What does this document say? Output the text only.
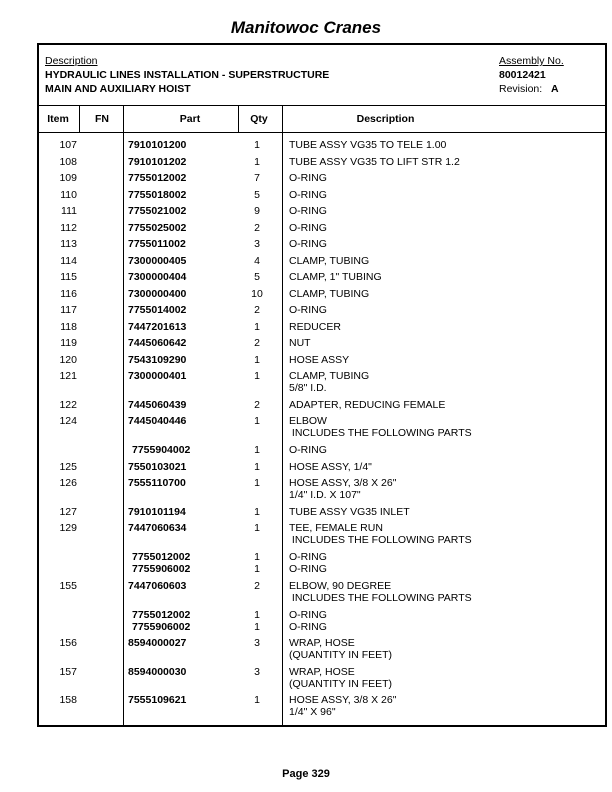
Manitowoc Cranes
Description
HYDRAULIC LINES INSTALLATION - SUPERSTRUCTURE
MAIN AND AUXILIARY HOIST
Assembly No.
80012421
Revision: A
Item	FN	Part	Qty	Description
107	7910101200	1	TUBE ASSY VG35 TO TELE 1.00
108	7910101202	1	TUBE ASSY VG35 TO LIFT STR 1.2
109	7755012002	7	O-RING
110	7755018002	5	O-RING
111	7755021002	9	O-RING
112	7755025002	2	O-RING
113	7755011002	3	O-RING
114	7300000405	4	CLAMP, TUBING
115	7300000404	5	CLAMP, 1" TUBING
116	7300000400	10	CLAMP, TUBING
117	7755014002	2	O-RING
118	7447201613	1	REDUCER
119	7445060642	2	NUT
120	7543109290	1	HOSE ASSY
121	7300000401	1	CLAMP, TUBING
5/8" I.D.
122	7445060439	2	ADAPTER, REDUCING FEMALE
124	7445040446	1	ELBOW
INCLUDES THE FOLLOWING PARTS
7755904002	1	O-RING
125	7550103021	1	HOSE ASSY, 1/4"
126	7555110700	1	HOSE ASSY, 3/8 X 26"
1/4" I.D. X 107"
127	7910101194	1	TUBE ASSY VG35 INLET
129	7447060634	1	TEE, FEMALE RUN
INCLUDES THE FOLLOWING PARTS
7755012002	1	O-RING
7755906002	1	O-RING
155	7447060603	2	ELBOW, 90 DEGREE
INCLUDES THE FOLLOWING PARTS
7755012002	1	O-RING
7755906002	1	O-RING
156	8594000027	3	WRAP, HOSE
(QUANTITY IN FEET)
157	8594000030	3	WRAP, HOSE
(QUANTITY IN FEET)
158	7555109621	1	HOSE ASSY, 3/8 X 26"
1/4" X 96"
Page 329
